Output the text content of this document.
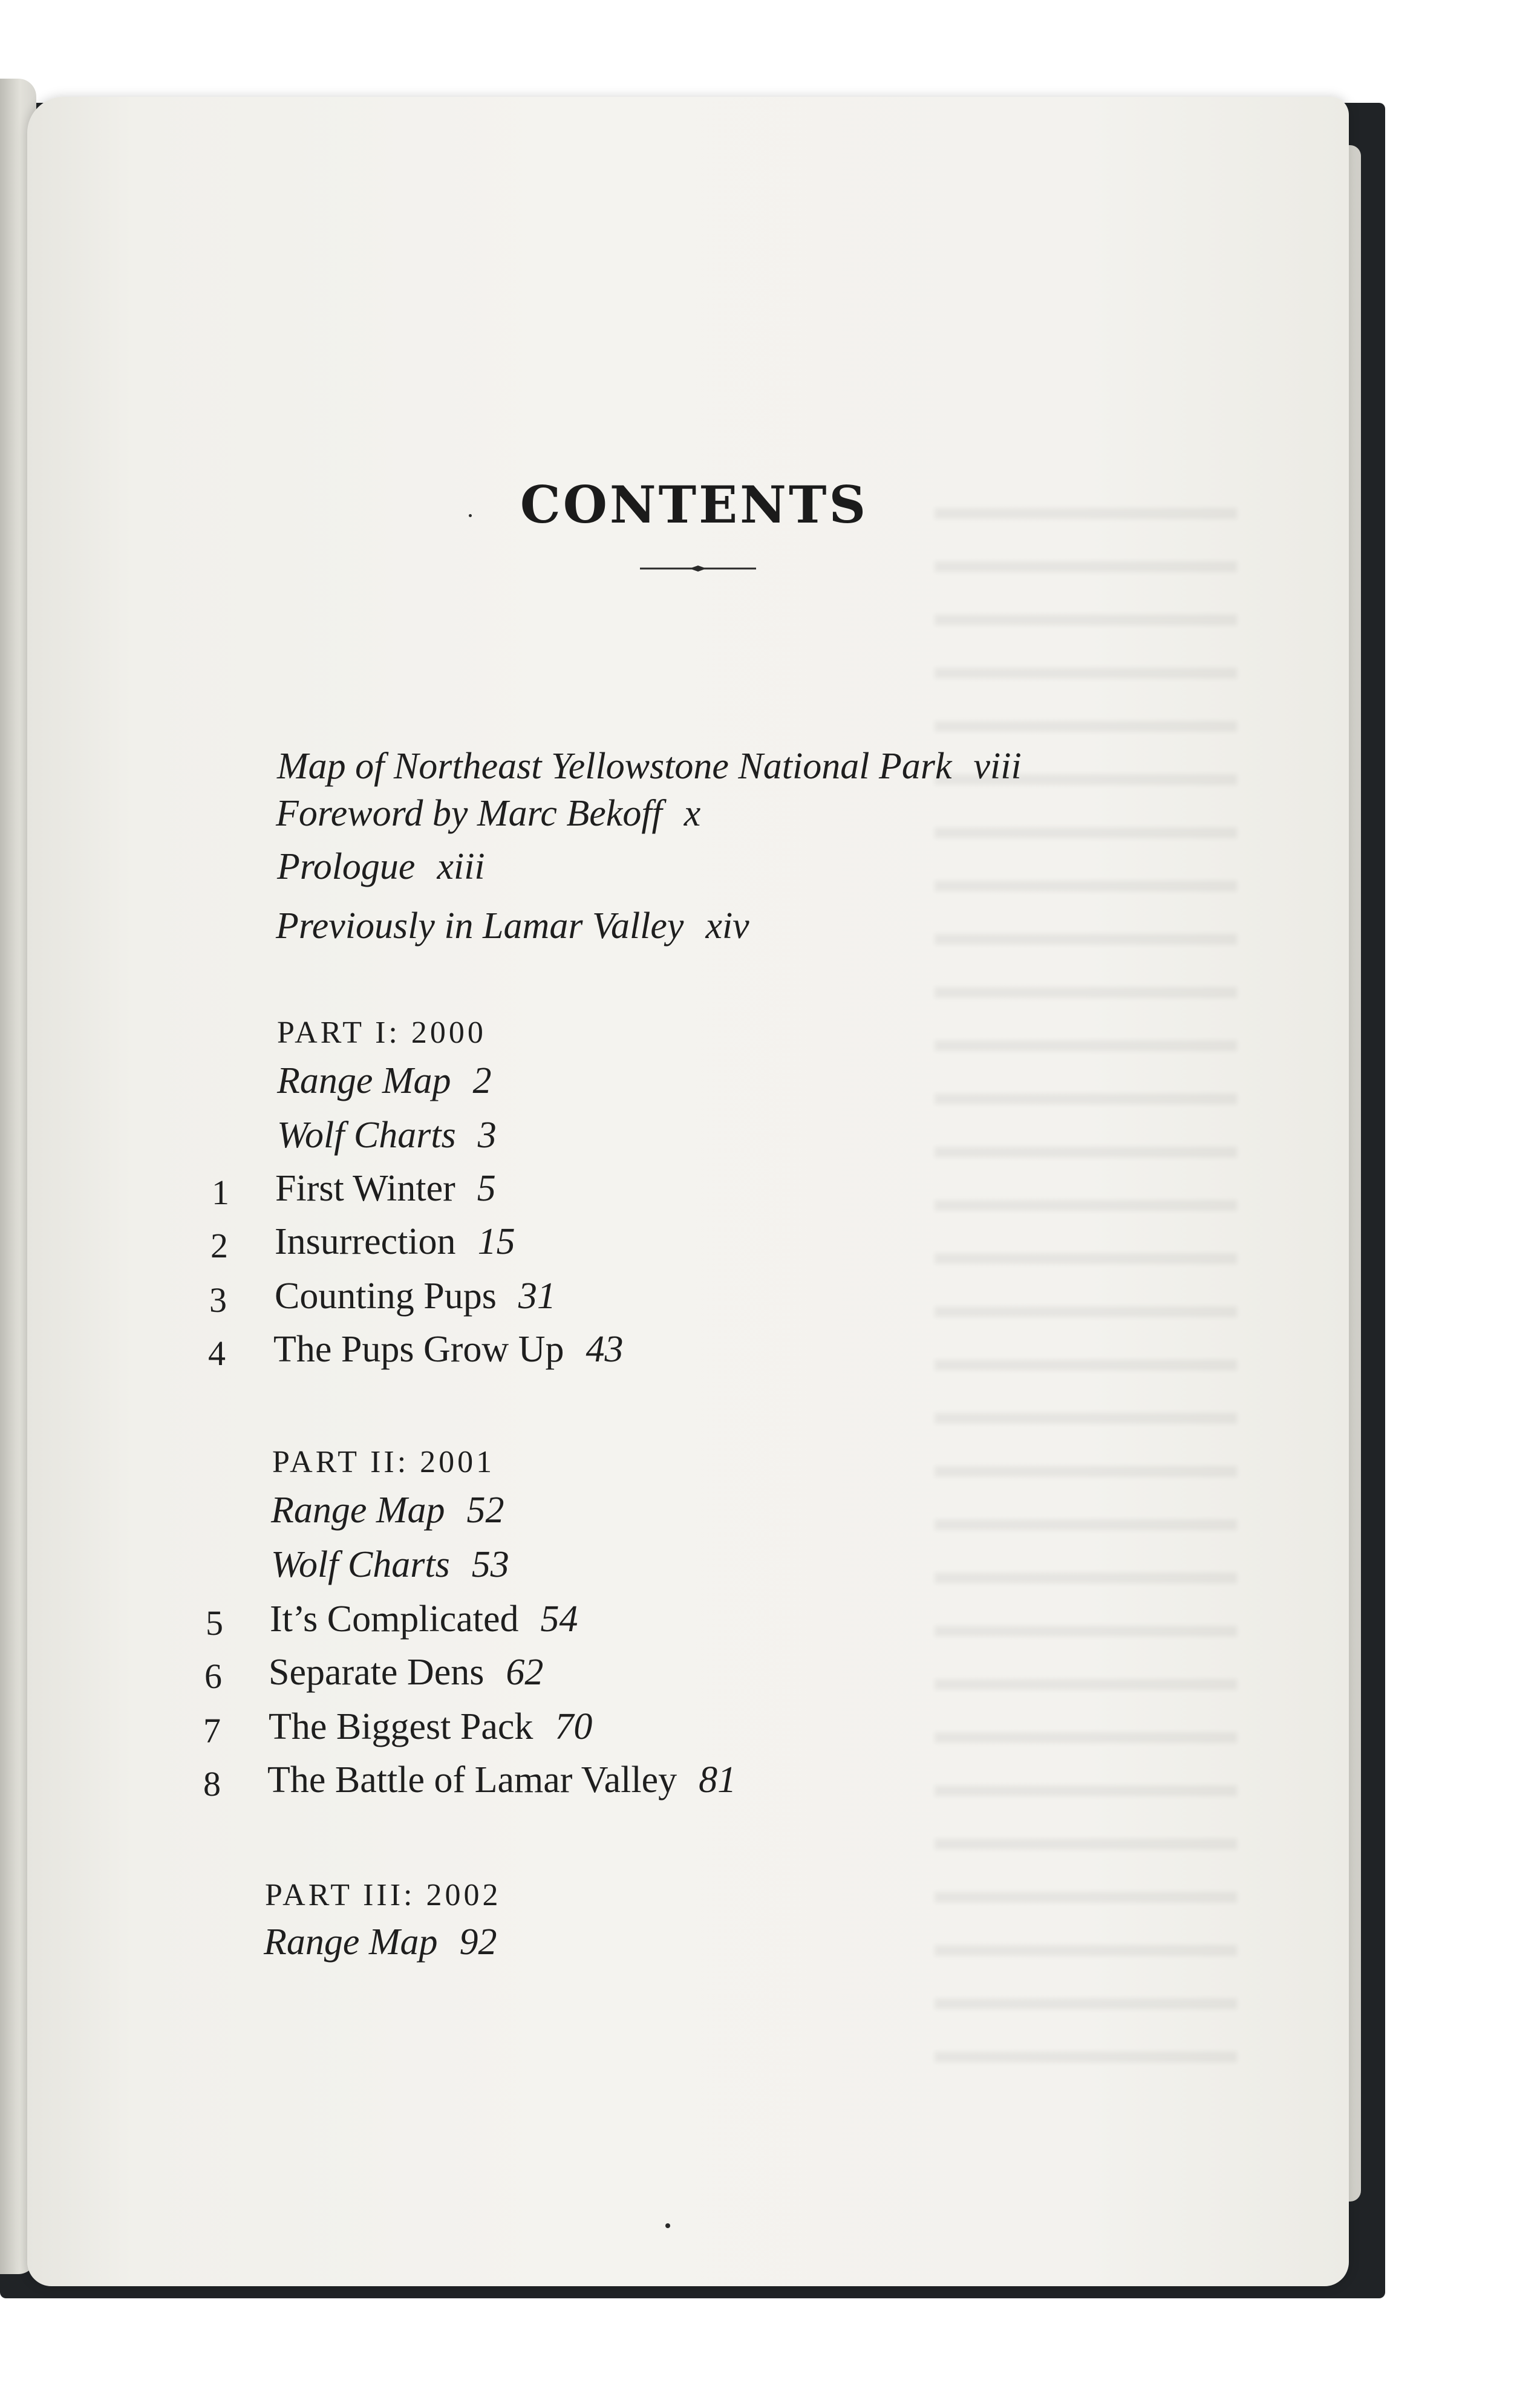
CONTENTS
Map of Northeast Yellowstone National Park viii
Foreword by Marc Bekoff x
Prologue xiii
Previously in Lamar Valley xiv
PART I: 2000
Range Map 2
Wolf Charts 3
1 First Winter 5
2 Insurrection 15
3 Counting Pups 31
4 The Pups Grow Up 43
PART II: 2001
Range Map 52
Wolf Charts 53
5 It’s Complicated 54
6 Separate Dens 62
7 The Biggest Pack 70
8 The Battle of Lamar Valley 81
PART III: 2002
Range Map 92
